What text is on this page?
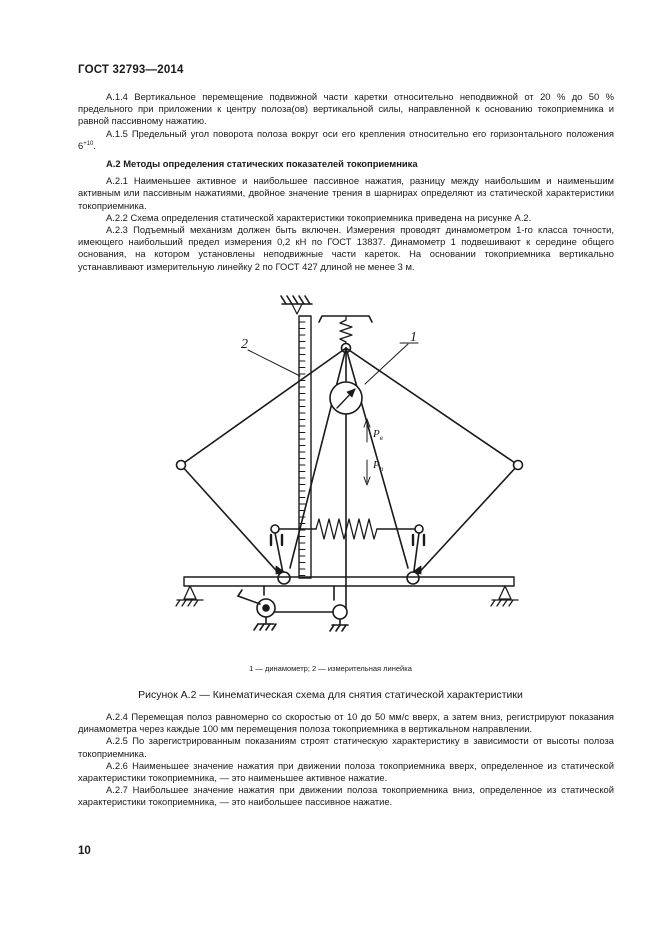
ГОСТ 32793—2014

А.1.4 Вертикальное перемещение подвижной части каретки относительно неподвижной от 20 % до 50 % предельного при приложении к центру полоза(ов) вертикальной силы, направленной к основанию токоприемника и равной пассивному нажатию.

А.1.5 Предельный угол поворота полоза вокруг оси его крепления относительно его горизонтального положения $6^{+10}$.

А.2 Методы определения статических показателей токоприемника

А.2.1 Наименьшее активное и наибольшее пассивное нажатия, разницу между наибольшим и наименьшим активным или пассивным нажатиями, двойное значение трения в шарнирах определяют из статической характеристики токоприемника.

А.2.2 Схема определения статической характеристики токоприемника приведена на рисунке А.2.

А.2.3 Подъемный механизм должен быть включен. Измерения проводят динамометром 1-го класса точности, имеющего наибольший предел измерения 0,2 кН по ГОСТ 13837. Динамометр 1 подвешивают к середине общего основания, на котором установлены неподвижные части кареток. На основании токоприемника вертикально устанавливают измерительную линейку 2 по ГОСТ 427 длиной не менее 3 м.

2	1
$P_в$
$P_п$
1 — динамометр; 2 — измерительная линейка
Рисунок А.2 — Кинематическая схема для снятия статической характеристики

А.2.4 Перемещая полоз равномерно со скоростью от 10 до 50 мм/с вверх, а затем вниз, регистрируют показания динамометра через каждые 100 мм перемещения полоза токоприемника в вертикальном направлении.

А.2.5 По зарегистрированным показаниям строят статическую характеристику в зависимости от высоты полоза токоприемника.

А.2.6 Наименьшее значение нажатия при движении полоза токоприемника вверх, определенное из статической характеристики токоприемника, — это наименьшее активное нажатие.

А.2.7 Наибольшее значение нажатия при движении полоза токоприемника вниз, определенное из статической характеристики токоприемника, — это наибольшее пассивное нажатие.

10
